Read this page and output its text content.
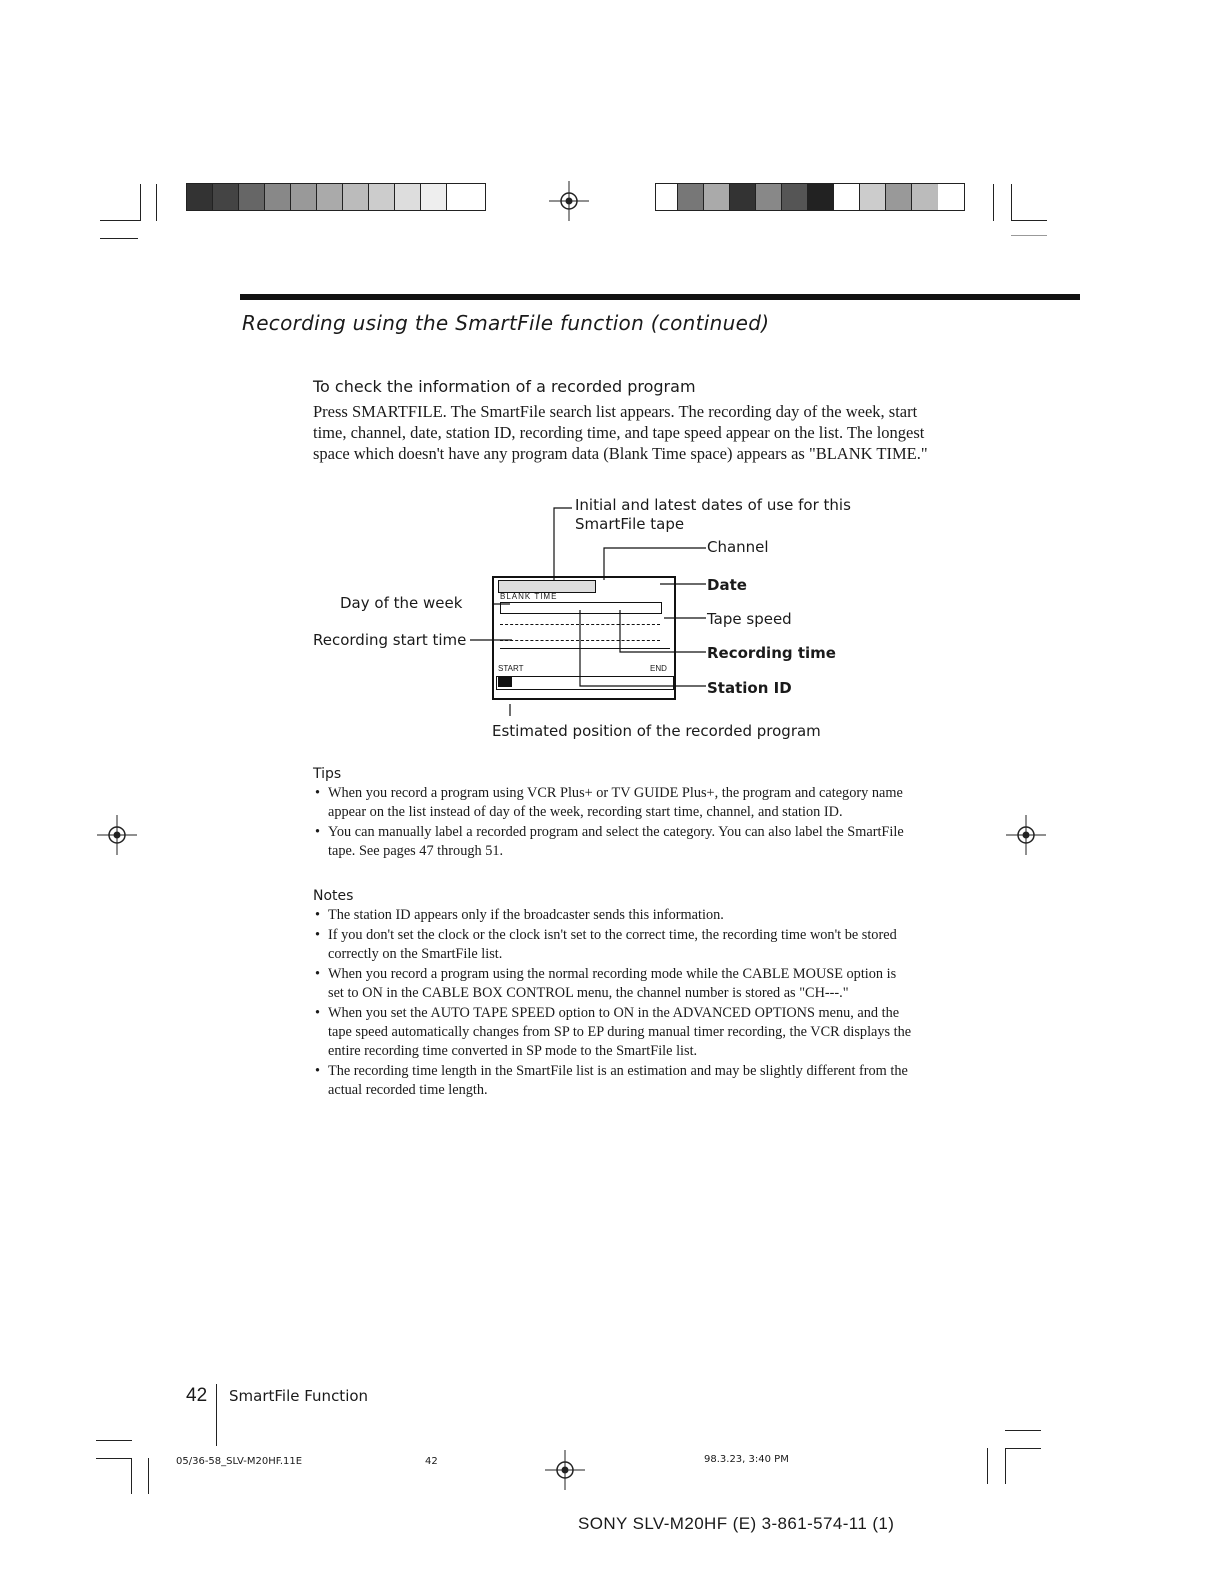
Recording using the SmartFile function (continued)
To check the information of a recorded program
Press SMARTFILE. The SmartFile search list appears. The recording day of the week, start time, channel, date, station ID, recording time, and tape speed appear on the list. The longest space which doesn't have any program data (Blank Time space) appears as "BLANK TIME."
Initial and latest dates of use for this
SmartFile tape
Channel
Date
Tape speed
Recording time
Station ID
Day of the week
Recording start time
Estimated position of the recorded program
BLANK TIME
START	END
Tips
• When you record a program using VCR Plus+ or TV GUIDE Plus+, the program and category name appear on the list instead of day of the week, recording start time, channel, and station ID.
• You can manually label a recorded program and select the category. You can also label the SmartFile tape. See pages 47 through 51.
Notes
• The station ID appears only if the broadcaster sends this information.
• If you don't set the clock or the clock isn't set to the correct time, the recording time won't be stored correctly on the SmartFile list.
• When you record a program using the normal recording mode while the CABLE MOUSE option is set to ON in the CABLE BOX CONTROL menu, the channel number is stored as "CH---."
• When you set the AUTO TAPE SPEED option to ON in the ADVANCED OPTIONS menu, and the tape speed automatically changes from SP to EP during manual timer recording, the VCR displays the entire recording time converted in SP mode to the SmartFile list.
• The recording time length in the SmartFile list is an estimation and may be slightly different from the actual recorded time length.
42 SmartFile Function
05/36-58_SLV-M20HF.11E	42	98.3.23, 3:40 PM
SONY SLV-M20HF (E) 3-861-574-11 (1)
